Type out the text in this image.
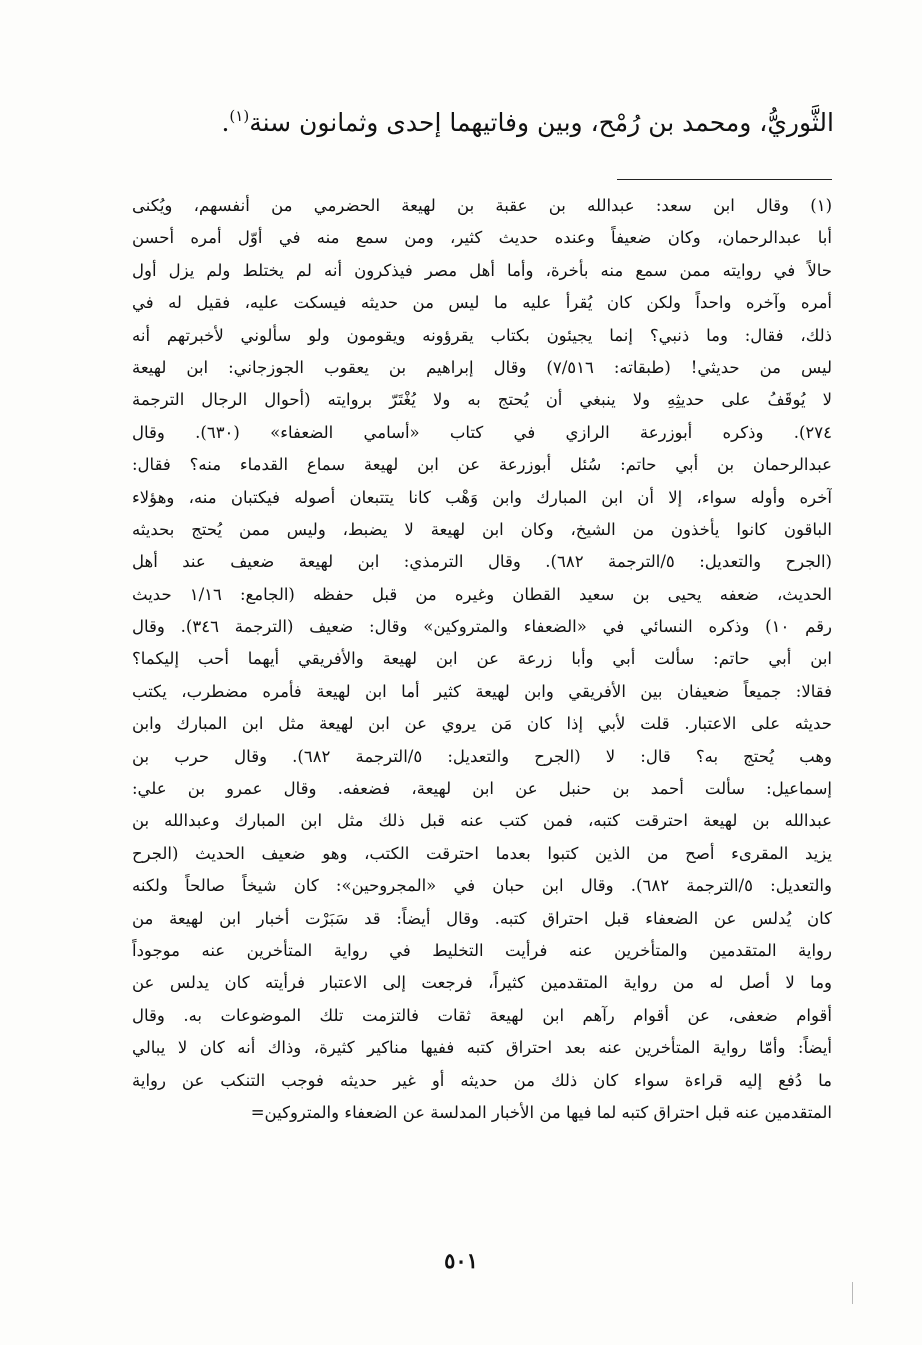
الثَّوريُّ، ومحمد بن رُمْح، وبين وفاتيهما إحدى وثمانون سنة$^{(١)}$.
(١) وقال ابن سعد: عبدالله بن عقبة بن لهيعة الحضرمي من أنفسهم، ويُكنى
أبا عبدالرحمان، وكان ضعيفاً وعنده حديث كثير، ومن سمع منه في أوّل أمره أحسن
حالاً في روايته ممن سمع منه بأخرة، وأما أهل مصر فيذكرون أنه لم يختلط ولم يزل أول
أمره وآخره واحداً ولكن كان يُقرأ عليه ما ليس من حديثه فيسكت عليه، فقيل له في
ذلك، فقال: وما ذنبي؟ إنما يجيئون بكتاب يقرؤونه ويقومون ولو سألوني لأخبرتهم أنه
ليس من حديثي! (طبقاته: ٧/٥١٦) وقال إبراهيم بن يعقوب الجوزجاني: ابن لهيعة
لا يُوقَفُ على حديثِهِ ولا ينبغي أن يُحتج به ولا يُغْتَرّ بروايته (أحوال الرجال الترجمة
٢٧٤). وذكره أبوزرعة الرازي في كتاب «أسامي الضعفاء» (٦٣٠). وقال
عبدالرحمان بن أبي حاتم: سُئل أبوزرعة عن ابن لهيعة سماع القدماء منه؟ فقال:
آخره وأوله سواء، إلا أن ابن المبارك وابن وَهْب كانا يتتبعان أصوله فيكتبان منه، وهؤلاء
الباقون كانوا يأخذون من الشيخ، وكان ابن لهيعة لا يضبط، وليس ممن يُحتج بحديثه
(الجرح والتعديل: ٥/الترجمة ٦٨٢). وقال الترمذي: ابن لهيعة ضعيف عند أهل
الحديث، ضعفه يحيى بن سعيد القطان وغيره من قبل حفظه (الجامع: ١/١٦ حديث
رقم ١٠) وذكره النسائي في «الضعفاء والمتروكين» وقال: ضعيف (الترجمة ٣٤٦). وقال
ابن أبي حاتم: سألت أبي وأبا زرعة عن ابن لهيعة والأفريقي أيهما أحب إليكما؟
فقالا: جميعاً ضعيفان بين الأفريقي وابن لهيعة كثير أما ابن لهيعة فأمره مضطرب، يكتب
حديثه على الاعتبار. قلت لأبي إذا كان مَن يروي عن ابن لهيعة مثل ابن المبارك وابن
وهب يُحتج به؟ قال: لا (الجرح والتعديل: ٥/الترجمة ٦٨٢). وقال حرب بن
إسماعيل: سألت أحمد بن حنبل عن ابن لهيعة، فضعفه. وقال عمرو بن علي:
عبدالله بن لهيعة احترقت كتبه، فمن كتب عنه قبل ذلك مثل ابن المبارك وعبدالله بن
يزيد المقرىء أصح من الذين كتبوا بعدما احترقت الكتب، وهو ضعيف الحديث (الجرح
والتعديل: ٥/الترجمة ٦٨٢). وقال ابن حبان في «المجروحين»: كان شيخاً صالحاً ولكنه
كان يُدلس عن الضعفاء قبل احتراق كتبه. وقال أيضاً: قد سَبَرْت أخبار ابن لهيعة من
رواية المتقدمين والمتأخرين عنه فرأيت التخليط في رواية المتأخرين عنه موجوداً
وما لا أصل له من رواية المتقدمين كثيراً، فرجعت إلى الاعتبار فرأيته كان يدلس عن
أقوام ضعفى، عن أقوام رآهم ابن لهيعة ثقات فالتزمت تلك الموضوعات به. وقال
أيضاً: وأمّا رواية المتأخرين عنه بعد احتراق كتبه ففيها مناكير كثيرة، وذاك أنه كان لا يبالي
ما دُفع إليه قراءة سواء كان ذلك من حديثه أو غير حديثه فوجب التنكب عن رواية
المتقدمين عنه قبل احتراق كتبه لما فيها من الأخبار المدلسة عن الضعفاء والمتروكين=
٥٠١
